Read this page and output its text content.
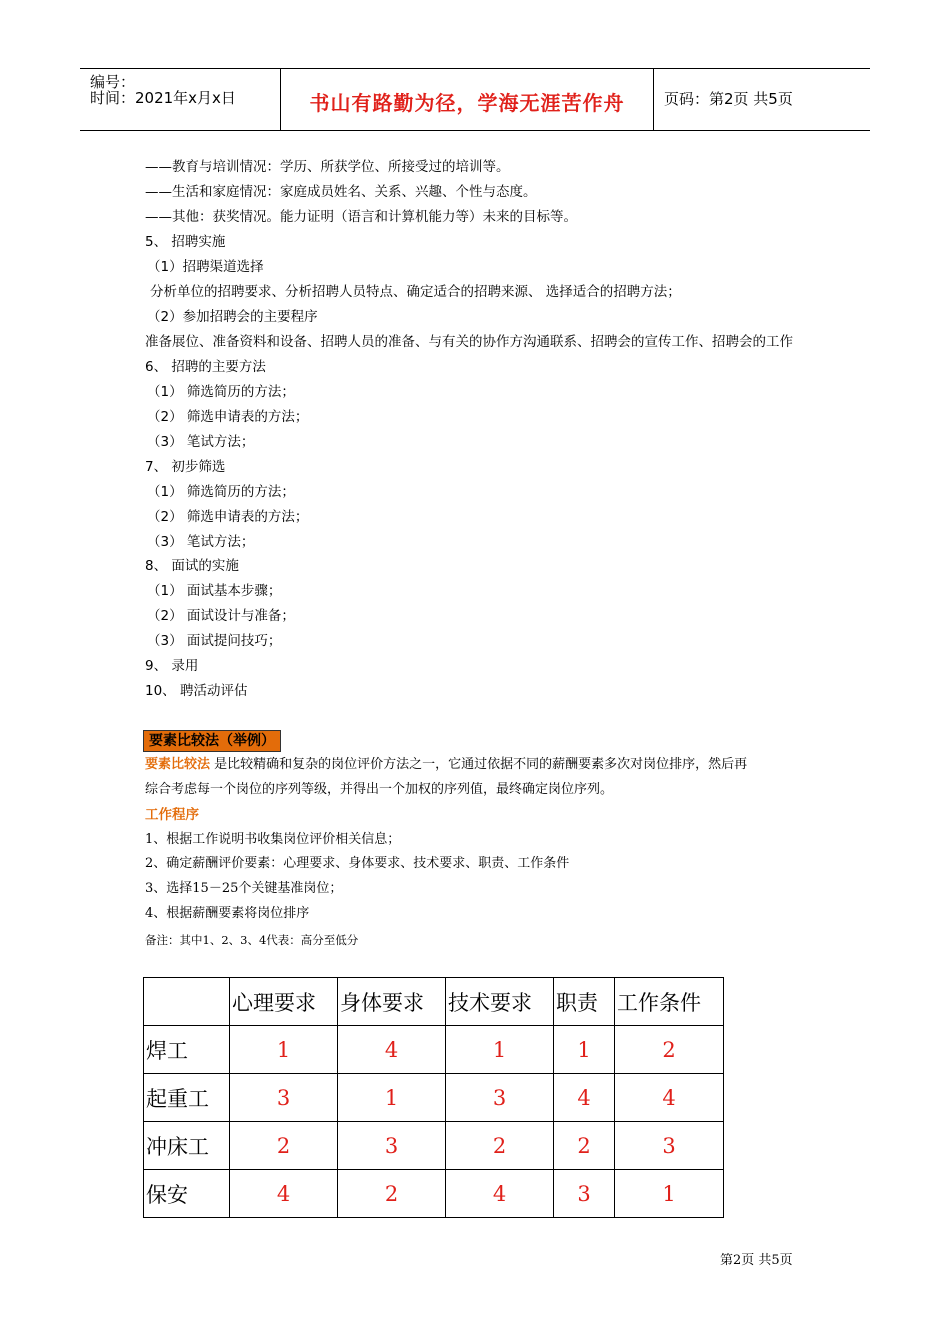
编号：
时间：2021年x月x日	书山有路勤为径，学海无涯苦作舟	页码：第2页 共5页
——教育与培训情况：学历、所获学位、所接受过的培训等。
——生活和家庭情况：家庭成员姓名、关系、兴趣、个性与态度。
——其他：获奖情况。能力证明（语言和计算机能力等）未来的目标等。
5、 招聘实施
（1）招聘渠道选择
分析单位的招聘要求、分析招聘人员特点、确定适合的招聘来源、 选择适合的招聘方法；
（2）参加招聘会的主要程序
准备展位、准备资料和设备、招聘人员的准备、与有关的协作方沟通联系、招聘会的宣传工作、招聘会的工作
6、 招聘的主要方法
（1） 筛选简历的方法；
（2） 筛选申请表的方法；
（3） 笔试方法；
7、 初步筛选
（1） 筛选简历的方法；
（2） 筛选申请表的方法；
（3） 笔试方法；
8、 面试的实施
（1） 面试基本步骤；
（2） 面试设计与准备；
（3） 面试提问技巧；
9、 录用
10、 聘活动评估
要素比较法（举例）
要素比较法 是比较精确和复杂的岗位评价方法之一，它通过依据不同的薪酬要素多次对岗位排序，然后再
综合考虑每一个岗位的序列等级，并得出一个加权的序列值，最终确定岗位序列。
工作程序
1、根据工作说明书收集岗位评价相关信息；
2、确定薪酬评价要素：心理要求、身体要求、技术要求、职责、工作条件
3、选择15－25个关键基准岗位；
4、根据薪酬要素将岗位排序
备注：其中1、2、3、4代表：高分至低分
	心理要求	身体要求	技术要求	职责	工作条件
焊工	1	4	1	1	2
起重工	3	1	3	4	4
冲床工	2	3	2	2	3
保安	4	2	4	3	1
第2页 共5页
